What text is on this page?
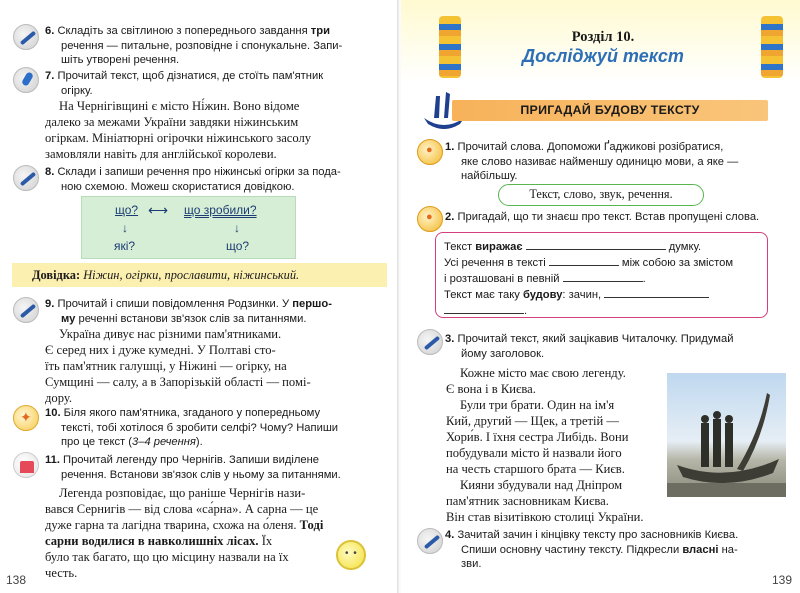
6. Складіть за світлиною з попереднього завдання три
речення — питальне, розповідне і спонукальне. Запи-
шіть утворені речення.
7. Прочитай текст, щоб дізнатися, де стоїть пам'ятник
огірку.
На Чернігівщині є місто Ні́жин. Воно відоме
далеко за межами України завдяки ніжинським
огіркам. Мініатюрні огірочки ніжинського засолу
замовляли навіть для англійської королеви.
8. Склади і запиши речення про ніжинські огірки за пода-
ною схемою. Можеш скористатися довідкою.
що? ⟷ що зробили?
↓	↓
які?	що?
Довідка: Ніжин, огірки, прославити, ніжинський.
9. Прочитай і спиши повідомлення Родзинки. У першо-
му реченні встанови зв'язок слів за питаннями.
Україна дивує нас різними пам'ятниками.
Є серед них і дуже кумедні. У Полтаві сто-
їть пам'ятник галушці, у Ніжині — огірку, на
Сумщині — салу, а в Запорізькій області — помі-
дору.
✦
10. Біля якого пам'ятника, згаданого у попередньому
тексті, тобі хотілося б зробити селфі? Чому? Напиши
про це текст (3–4 речення).
11. Прочитай легенду про Чернігів. Запиши виділене
речення. Встанови зв'язок слів у ньому за питаннями.
Легенда розповідає, що раніше Чернігів нази-
вався Сернигів — від слова «са́рна». А сарна — це
дуже гарна та лагідна тварина, схожа на о́леня. Тоді
сарни водилися в навколишніх лісах. Їх
було так багато, що цю місцину назвали на їх
честь.
• •
138
Розділ 10.
Досліджуй текст
ПРИГАДАЙ БУДОВУ ТЕКСТУ
●
1. Прочитай слова. Допоможи Ґаджикові розібратися,
яке слово називає найменшу одиницю мови, а яке —
найбільшу.
Текст, слово, звук, речення.
●
2. Пригадай, що ти знаєш про текст. Встав пропущені слова.
Текст виражає	думку.
Усі речення в тексті	між собою за змістом
і розташовані в певній	.
Текст має таку будову: зачин,
.
3. Прочитай текст, який зацікавив Читалочку. Придумай
йому заголовок.
Кожне місто має свою легенду.
Є вона і в Києва.
Були три брати. Один на ім'я
Кий, другий — Щек, а третій —
Хори́в. І їхня сестра Либідь. Вони
побудували місто й назвали його
на честь старшого брата — Києв.
Кияни збудували над Дніпром
пам'ятник засновникам Києва.
Він став візитівкою столиці України.
4. Зачитай зачин і кінцівку тексту про засновників Києва.
Спиши основну частину тексту. Підкресли власні на-
зви.
139
